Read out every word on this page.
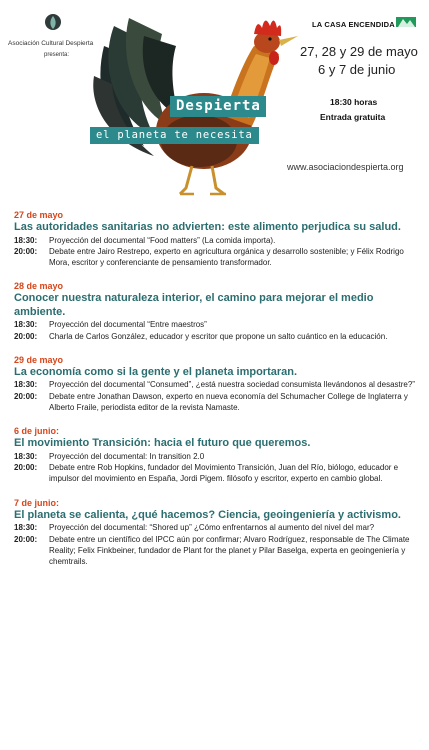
Asociación Cultural Despierta
presenta:
LA CASA ENCENDIDA
Despierta
el planeta te necesita
27, 28 y 29 de mayo
6 y 7 de junio
18:30 horas
Entrada gratuita
www.asociaciondespierta.org
27 de mayo
Las autoridades sanitarias no advierten: este alimento perjudica su salud.
18:30:	Proyección del documental “Food matters” (La comida importa).
20:00:	Debate entre Jairo Restrepo, experto en agricultura orgánica y desarrollo sostenible; y Félix Rodrigo Mora, escritor y conferenciante de pensamiento transformador.
28 de mayo
Conocer nuestra naturaleza interior, el camino para mejorar el medio ambiente.
18:30:	Proyección del documental “Entre maestros”
20:00:	Charla de Carlos González, educador y escritor que propone un salto cuántico en la educación.
29 de mayo
La economía como si la gente y el planeta importaran.
18:30:	Proyección del documental “Consumed”, ¿está nuestra sociedad consumista llevándonos al desastre?”
20:00:	Debate entre Jonathan Dawson, experto en nueva economía del Schumacher College de Inglaterra y Alberto Fraile, periodista editor de la revista Namaste.
6 de junio:
El movimiento Transición: hacia el futuro que queremos.
18:30:	Proyección del documental: In transition 2.0
20:00:	Debate entre Rob Hopkins, fundador del Movimiento Transición, Juan del Río, biólogo, educador e impulsor del movimiento en España, Jordi Pigem. filósofo y escritor, experto en cambio global.
7 de junio:
El planeta se calienta, ¿qué hacemos? Ciencia, geoingeniería y activismo.
18:30:	Proyección del documental: “Shored up” ¿Cómo enfrentarnos al aumento del nivel del mar?
20:00:	Debate entre un científico del IPCC aún por confirmar; Alvaro Rodríguez, responsable de The Climate Reality; Felix Finkbeiner, fundador de Plant for the planet y Pilar Baselga, experta en geoingeniería y chemtrails.
